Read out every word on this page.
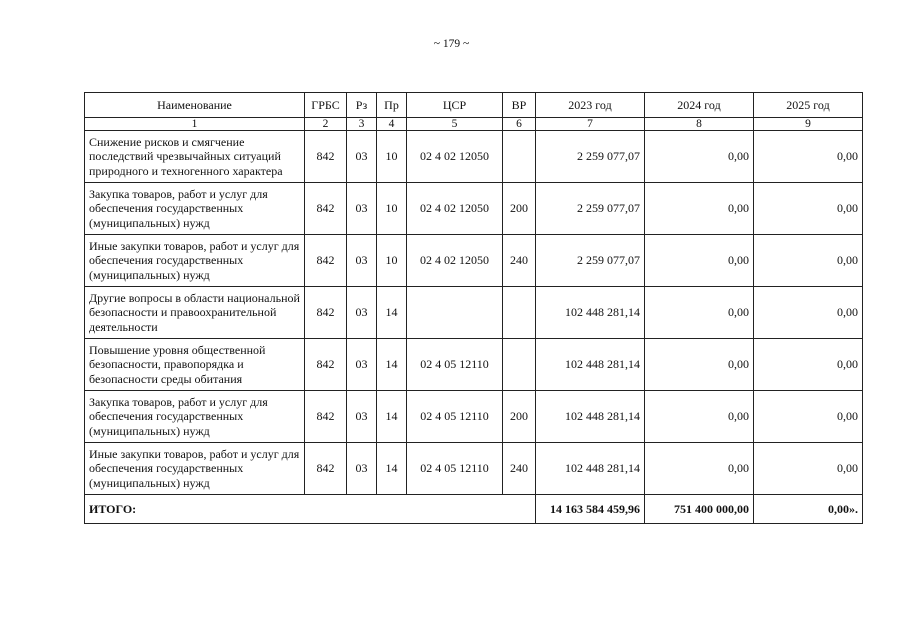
~ 179 ~
Наименование	ГРБС	Рз	Пр	ЦСР	ВР	2023 год	2024 год	2025 год
1	2	3	4	5	6	7	8	9
Снижение рисков и смягчение последствий чрезвычайных ситуаций природного и техногенного характера	842	03	10	02 4 02 12050		2 259 077,07	0,00	0,00
Закупка товаров, работ и услуг для обеспечения государственных (муниципальных) нужд	842	03	10	02 4 02 12050	200	2 259 077,07	0,00	0,00
Иные закупки товаров, работ и услуг для обеспечения государственных (муниципальных) нужд	842	03	10	02 4 02 12050	240	2 259 077,07	0,00	0,00
Другие вопросы в области национальной безопасности и правоохранительной деятельности	842	03	14			102 448 281,14	0,00	0,00
Повышение уровня общественной безопасности, правопорядка и безопасности среды обитания	842	03	14	02 4 05 12110		102 448 281,14	0,00	0,00
Закупка товаров, работ и услуг для обеспечения государственных (муниципальных) нужд	842	03	14	02 4 05 12110	200	102 448 281,14	0,00	0,00
Иные закупки товаров, работ и услуг для обеспечения государственных (муниципальных) нужд	842	03	14	02 4 05 12110	240	102 448 281,14	0,00	0,00
ИТОГО:						14 163 584 459,96	751 400 000,00	0,00».
